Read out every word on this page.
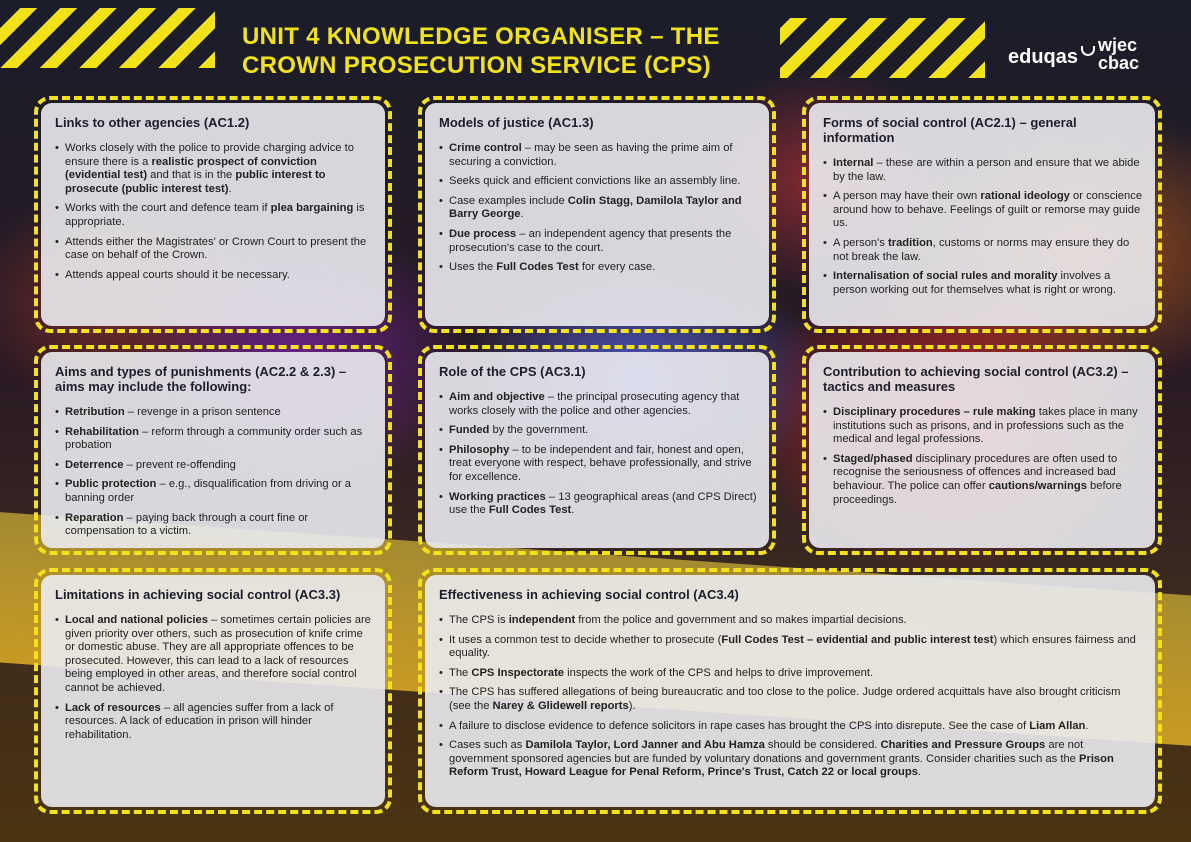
UNIT 4 KNOWLEDGE ORGANISER – THE CROWN PROSECUTION SERVICE (CPS)	eduqas
wjec
cbac
Links to other agencies (AC1.2)
• Works closely with the police to provide charging advice to ensure there is a realistic prospect of conviction (evidential test) and that is in the public interest to prosecute (public interest test).
• Works with the court and defence team if plea bargaining is appropriate.
• Attends either the Magistrates' or Crown Court to present the case on behalf of the Crown.
• Attends appeal courts should it be necessary.
Models of justice (AC1.3)
• Crime control – may be seen as having the prime aim of securing a conviction.
• Seeks quick and efficient convictions like an assembly line.
• Case examples include Colin Stagg, Damilola Taylor and Barry George.
• Due process – an independent agency that presents the prosecution's case to the court.
• Uses the Full Codes Test for every case.
Forms of social control (AC2.1) – general information
• Internal – these are within a person and ensure that we abide by the law.
• A person may have their own rational ideology or conscience around how to behave. Feelings of guilt or remorse may guide us.
• A person's tradition, customs or norms may ensure they do not break the law.
• Internalisation of social rules and morality involves a person working out for themselves what is right or wrong.
Aims and types of punishments (AC2.2 & 2.3) – aims may include the following:
• Retribution – revenge in a prison sentence
• Rehabilitation – reform through a community order such as probation
• Deterrence – prevent re-offending
• Public protection – e.g., disqualification from driving or a banning order
• Reparation – paying back through a court fine or compensation to a victim.
Role of the CPS (AC3.1)
• Aim and objective – the principal prosecuting agency that works closely with the police and other agencies.
• Funded by the government.
• Philosophy – to be independent and fair, honest and open, treat everyone with respect, behave professionally, and strive for excellence.
• Working practices – 13 geographical areas (and CPS Direct) use the Full Codes Test.
Contribution to achieving social control (AC3.2) – tactics and measures
• Disciplinary procedures – rule making takes place in many institutions such as prisons, and in professions such as the medical and legal professions.
• Staged/phased disciplinary procedures are often used to recognise the seriousness of offences and increased bad behaviour. The police can offer cautions/warnings before proceedings.
Limitations in achieving social control (AC3.3)
• Local and national policies – sometimes certain policies are given priority over others, such as prosecution of knife crime or domestic abuse. They are all appropriate offences to be prosecuted. However, this can lead to a lack of resources being employed in other areas, and therefore social control cannot be achieved.
• Lack of resources – all agencies suffer from a lack of resources. A lack of education in prison will hinder rehabilitation.
Effectiveness in achieving social control (AC3.4)
• The CPS is independent from the police and government and so makes impartial decisions.
• It uses a common test to decide whether to prosecute (Full Codes Test – evidential and public interest test) which ensures fairness and equality.
• The CPS Inspectorate inspects the work of the CPS and helps to drive improvement.
• The CPS has suffered allegations of being bureaucratic and too close to the police. Judge ordered acquittals have also brought criticism (see the Narey & Glidewell reports).
• A failure to disclose evidence to defence solicitors in rape cases has brought the CPS into disrepute. See the case of Liam Allan.
• Cases such as Damilola Taylor, Lord Janner and Abu Hamza should be considered. Charities and Pressure Groups are not government sponsored agencies but are funded by voluntary donations and government grants. Consider charities such as the Prison Reform Trust, Howard League for Penal Reform, Prince's Trust, Catch 22 or local groups.
